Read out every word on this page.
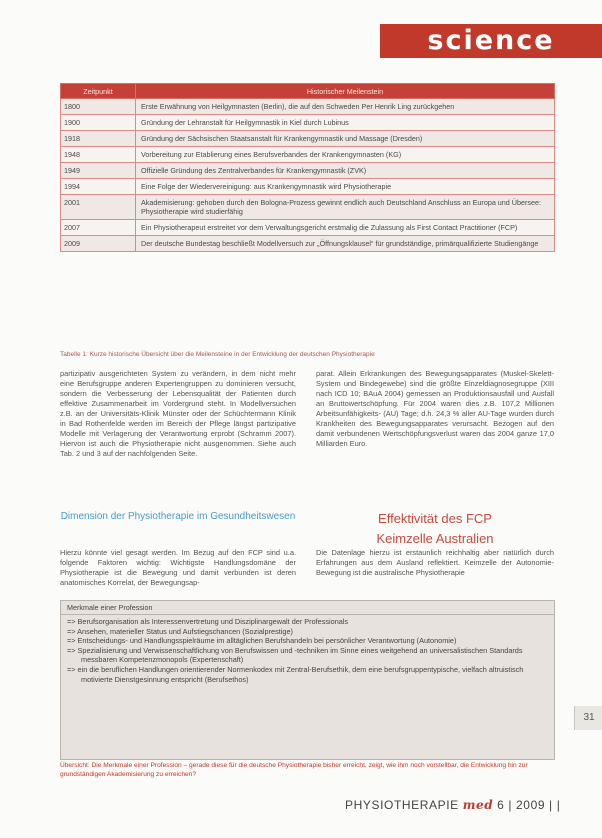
science
Zeitpunkt	Historischer Meilenstein
1800	Erste Erwähnung von Heilgymnasten (Berlin), die auf den Schweden Per Henrik Ling zurückgehen
1900	Gründung der Lehranstalt für Heilgymnastik in Kiel durch Lubinus
1918	Gründung der Sächsischen Staatsanstalt für Krankengymnastik und Massage (Dresden)
1948	Vorbereitung zur Etablierung eines Berufsverbandes der Krankengymnasten (KG)
1949	Offizielle Gründung des Zentralverbandes für Krankengymnastik (ZVK)
1994	Eine Folge der Wiedervereinigung: aus Krankengymnastik wird Physiotherapie
2001	Akademisierung: gehoben durch den Bologna-Prozess gewinnt endlich auch Deutschland Anschluss an Europa und Übersee: Physiotherapie wird studierfähig
2007	Ein Physiotherapeut erstreitet vor dem Verwaltungsgericht erstmalig die Zulassung als First Contact Practitioner (FCP)
2009	Der deutsche Bundestag beschließt Modellversuch zur „Öffnungsklausel“ für grundständige, primärqualifizierte Studiengänge
Tabelle 1: Kurze historische Übersicht über die Meilensteine in der Entwicklung der deutschen Physiotherapie
partizipativ ausgerichteten System zu verändern, in dem nicht mehr eine Berufsgruppe anderen Expertengruppen zu dominieren versucht, sondern die Verbesserung der Lebensqualität der Patienten durch effektive Zusammenarbeit im Vordergrund steht. In Modellversuchen z.B. an der Universitäts-Klinik Münster oder der Schüchtermann Klinik in Bad Rothenfelde werden im Bereich der Pflege längst partizipative Modelle mit Verlagerung der Verantwortung erprobt (Schramm 2007). Hiervon ist auch die Physiotherapie nicht ausgenommen. Siehe auch Tab. 2 und 3 auf der nachfolgenden Seite.
parat. Allein Erkrankungen des Bewegungsapparates (Muskel-Skelett-System und Bindegewebe) sind die größte Einzeldiagnosegruppe (XIII nach ICD 10; BAuA 2004) gemessen an Produktionsausfall und Ausfall an Bruttowertschöpfung. Für 2004 waren dies z.B. 107,2 Millionen Arbeitsunfähigkeits- (AU) Tage; d.h. 24,3 % aller AU-Tage wurden durch Krankheiten des Bewegungsapparates verursacht. Bezogen auf den damit verbundenen Wertschöpfungsverlust waren das 2004 ganze 17,0 Milliarden Euro.
Dimension der Physiotherapie im Gesundheitswesen	Effektivität des FCP
Keimzelle Australien
Hierzu könnte viel gesagt werden. Im Bezug auf den FCP sind u.a. folgende Faktoren wichtig: Wichtigste Handlungsdomäne der Physiotherapie ist die Bewegung und damit verbunden ist deren anatomisches Korrelat, der Bewegungsap-
Die Datenlage hierzu ist erstaunlich reichhaltig aber natürlich durch Erfahrungen aus dem Ausland reflektiert. Keimzelle der Autonomie-Bewegung ist die australische Physiotherapie

Merkmale einer Profession

=> Berufsorganisation als Interessenvertretung und Disziplinargewalt der Professionals
=> Ansehen, materieller Status und Aufstiegschancen (Sozialprestige)
=> Entscheidungs- und Handlungsspielräume im alltäglichen Berufshandeln bei persönlicher Verantwortung (Autonomie)
=> Spezialisierung und Verwissenschaftlichung von Berufswissen und -techniken im Sinne eines weitgehend an universalistischen Standards messbaren Kompetenzmonopols (Expertenschaft)
=> ein die beruflichen Handlungen orientierender Normenkodex mit Zentral-Berufsethik, dem eine berufsgruppentypische, vielfach altruistisch motivierte Dienstgesinnung entspricht (Berufsethos)
Übersicht: Die Merkmale einer Profession – gerade diese für die deutsche Physiotherapie bisher erreicht, zeigt, wie ihm noch vorstellbar, die Entwicklung hin zur grundständigen Akademisierung zu erreichen?
31
PHYSIOTHERAPIE med 6 | 2009 | |
